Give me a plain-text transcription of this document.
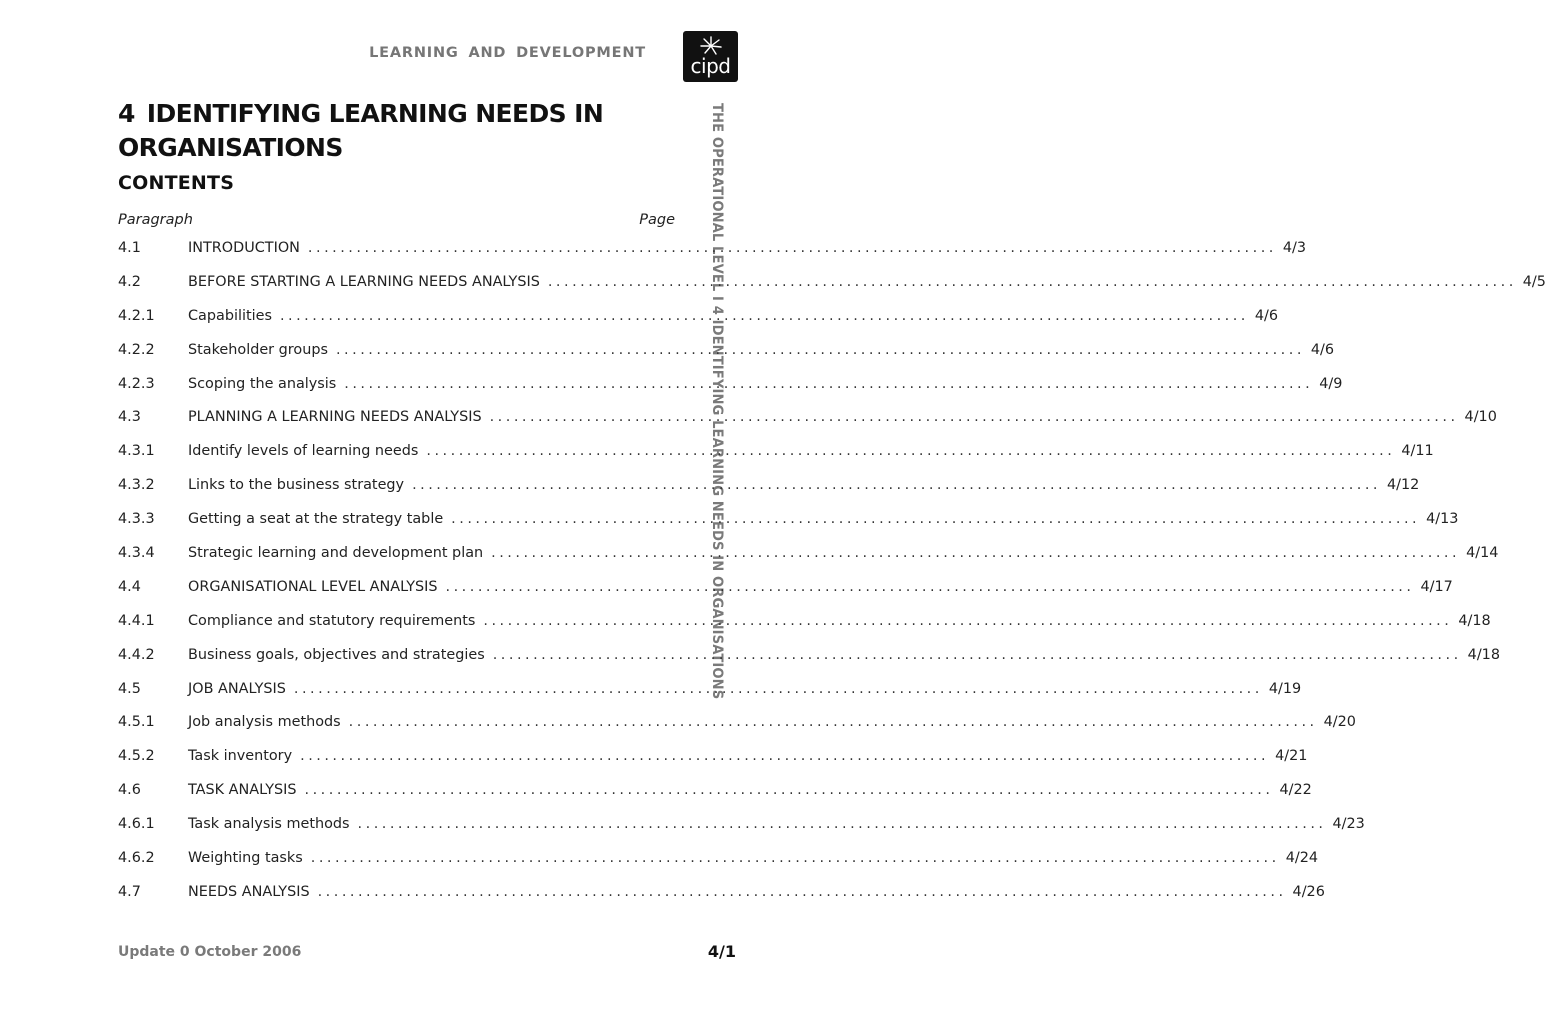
LEARNING AND DEVELOPMENT
cipd
THE OPERATIONAL LEVEL I 4 IDENTIFYING LEARNING NEEDS IN ORGANISATIONS
4 IDENTIFYING LEARNING NEEDS IN ORGANISATIONS
CONTENTS
Paragraph	Page
4.1	INTRODUCTION ........................................................................................................................ 4/3
4.2	BEFORE STARTING A LEARNING NEEDS ANALYSIS ........................................................................................................................ 4/5
4.2.1	Capabilities ........................................................................................................................ 4/6
4.2.2	Stakeholder groups ........................................................................................................................ 4/6
4.2.3	Scoping the analysis ........................................................................................................................ 4/9
4.3	PLANNING A LEARNING NEEDS ANALYSIS ........................................................................................................................ 4/10
4.3.1	Identify levels of learning needs ........................................................................................................................ 4/11
4.3.2	Links to the business strategy ........................................................................................................................ 4/12
4.3.3	Getting a seat at the strategy table ........................................................................................................................ 4/13
4.3.4	Strategic learning and development plan ........................................................................................................................ 4/14
4.4	ORGANISATIONAL LEVEL ANALYSIS ........................................................................................................................ 4/17
4.4.1	Compliance and statutory requirements ........................................................................................................................ 4/18
4.4.2	Business goals, objectives and strategies ........................................................................................................................ 4/18
4.5	JOB ANALYSIS ........................................................................................................................ 4/19
4.5.1	Job analysis methods ........................................................................................................................ 4/20
4.5.2	Task inventory ........................................................................................................................ 4/21
4.6	TASK ANALYSIS ........................................................................................................................ 4/22
4.6.1	Task analysis methods ........................................................................................................................ 4/23
4.6.2	Weighting tasks ........................................................................................................................ 4/24
4.7	NEEDS ANALYSIS ........................................................................................................................ 4/26
Update 0 October 2006	4/1
